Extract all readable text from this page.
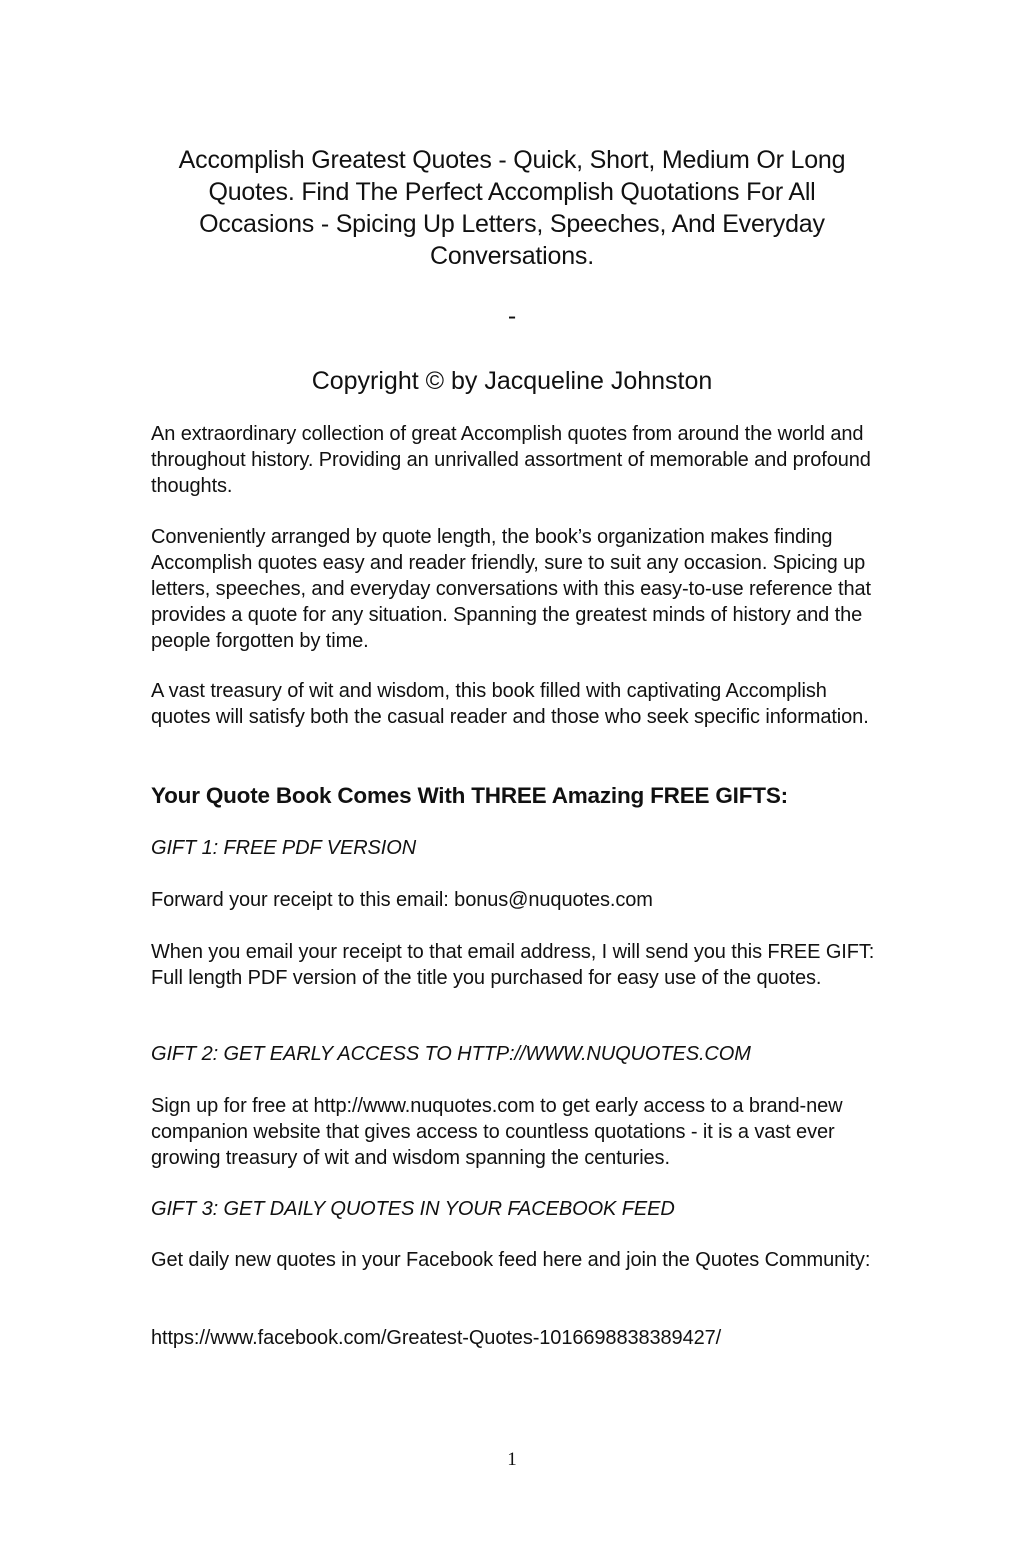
Accomplish Greatest Quotes - Quick, Short, Medium Or Long Quotes. Find The Perfect Accomplish Quotations For All Occasions - Spicing Up Letters, Speeches, And Everyday Conversations.
-
Copyright © by Jacqueline Johnston

An extraordinary collection of great Accomplish quotes from around the world and throughout history. Providing an unrivalled assortment of memorable and profound thoughts.

Conveniently arranged by quote length, the book’s organization makes finding Accomplish quotes easy and reader friendly, sure to suit any occasion. Spicing up letters, speeches, and everyday conversations with this easy-to-use reference that provides a quote for any situation. Spanning the greatest minds of history and the people forgotten by time.

A vast treasury of wit and wisdom, this book filled with captivating Accomplish quotes will satisfy both the casual reader and those who seek specific information.

Your Quote Book Comes With THREE Amazing FREE GIFTS:
GIFT 1: FREE PDF VERSION

Forward your receipt to this email: bonus@nuquotes.com

When you email your receipt to that email address, I will send you this FREE GIFT: Full length PDF version of the title you purchased for easy use of the quotes.

GIFT 2: GET EARLY ACCESS TO HTTP://WWW.NUQUOTES.COM

Sign up for free at http://www.nuquotes.com to get early access to a brand-new companion website that gives access to countless quotations - it is a vast ever growing treasury of wit and wisdom spanning the centuries.

GIFT 3: GET DAILY QUOTES IN YOUR FACEBOOK FEED

Get daily new quotes in your Facebook feed here and join the Quotes Community:

https://www.facebook.com/Greatest-Quotes-1016698838389427/

1
